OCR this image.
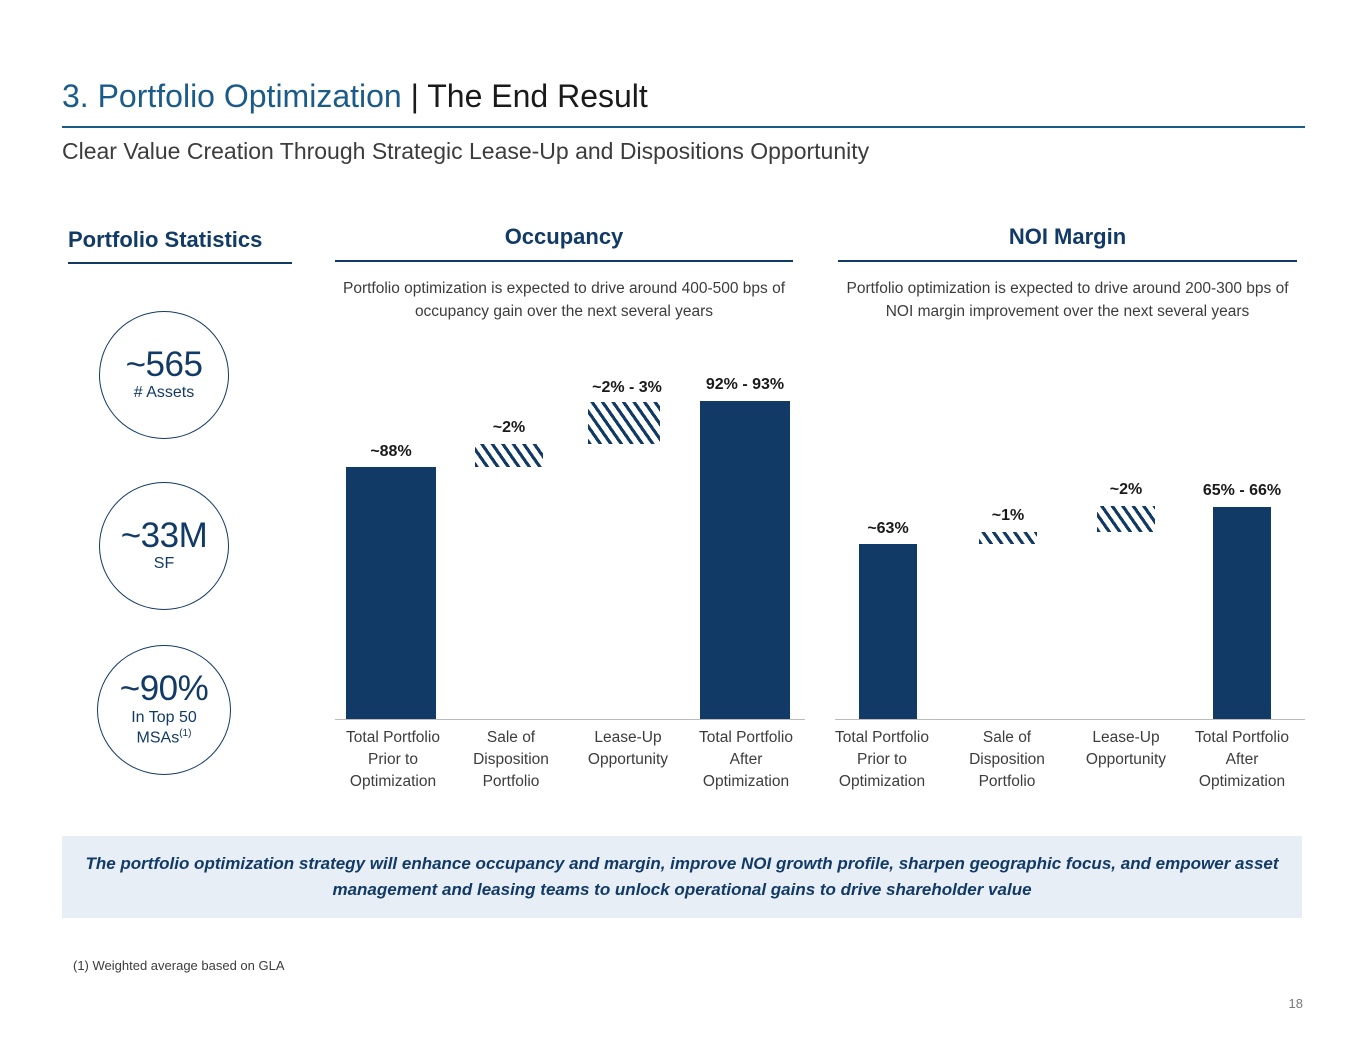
3. Portfolio Optimization | The End Result
Clear Value Creation Through Strategic Lease-Up and Dispositions Opportunity
Portfolio Statistics
~565
# Assets
~33M
SF
~90%
In Top 50
MSAs$^{(1)}$
Occupancy
Portfolio optimization is expected to drive around 400-500 bps of occupancy gain over the next several years
~88%
Total Portfolio
Prior to
Optimization
~2%
Sale of
Disposition
Portfolio
~2% - 3%
Lease-Up
Opportunity
92% - 93%
Total Portfolio
After
Optimization
NOI Margin
Portfolio optimization is expected to drive around 200-300 bps of NOI margin improvement over the next several years
~63%
Total Portfolio
Prior to
Optimization
~1%
Sale of
Disposition
Portfolio
~2%
Lease-Up
Opportunity
65% - 66%
Total Portfolio
After
Optimization

The portfolio optimization strategy will enhance occupancy and margin, improve NOI growth profile, sharpen geographic focus, and empower asset management and leasing teams to unlock operational gains to drive shareholder value

(1) Weighted average based on GLA
18
